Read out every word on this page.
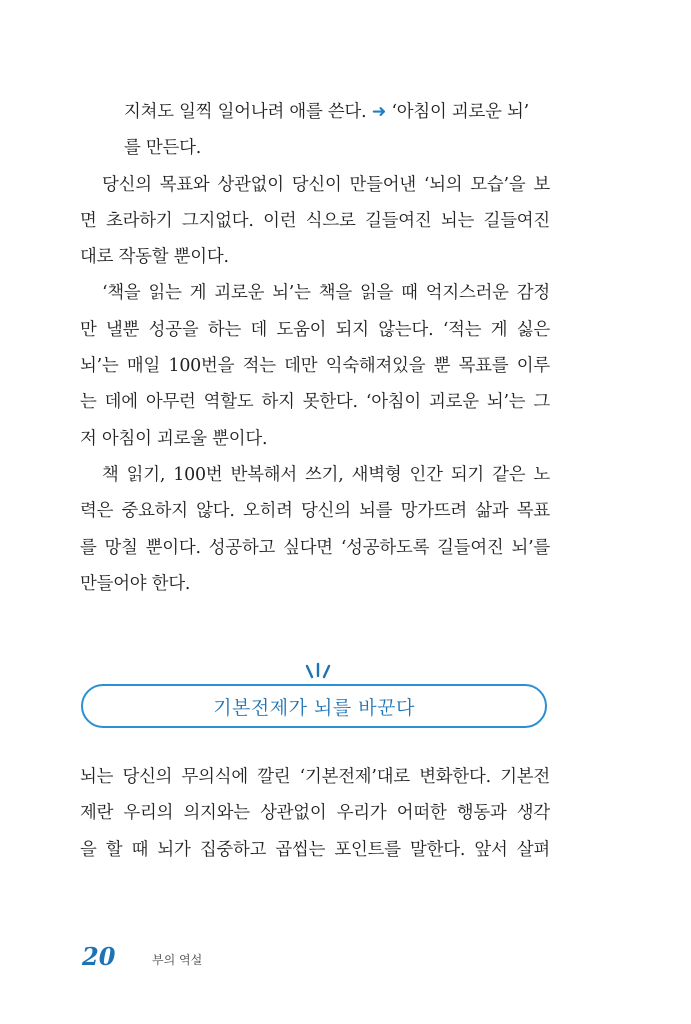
지쳐도 일찍 일어나려 애를 쓴다. ➜ ‘아침이 괴로운 뇌’
를 만든다.
당신의 목표와 상관없이 당신이 만들어낸 ‘뇌의 모습’을 보
면 초라하기 그지없다. 이런 식으로 길들여진 뇌는 길들여진
대로 작동할 뿐이다.
‘책을 읽는 게 괴로운 뇌’는 책을 읽을 때 억지스러운 감정
만 낼뿐 성공을 하는 데 도움이 되지 않는다. ‘적는 게 싫은
뇌’는 매일 100번을 적는 데만 익숙해져있을 뿐 목표를 이루
는 데에 아무런 역할도 하지 못한다. ‘아침이 괴로운 뇌’는 그
저 아침이 괴로울 뿐이다.
책 읽기, 100번 반복해서 쓰기, 새벽형 인간 되기 같은 노
력은 중요하지 않다. 오히려 당신의 뇌를 망가뜨려 삶과 목표
를 망칠 뿐이다. 성공하고 싶다면 ‘성공하도록 길들여진 뇌’를
만들어야 한다.
기본전제가 뇌를 바꾼다
뇌는 당신의 무의식에 깔린 ‘기본전제’대로 변화한다. 기본전
제란 우리의 의지와는 상관없이 우리가 어떠한 행동과 생각
을 할 때 뇌가 집중하고 곱씹는 포인트를 말한다. 앞서 살펴
20	부의 역설
